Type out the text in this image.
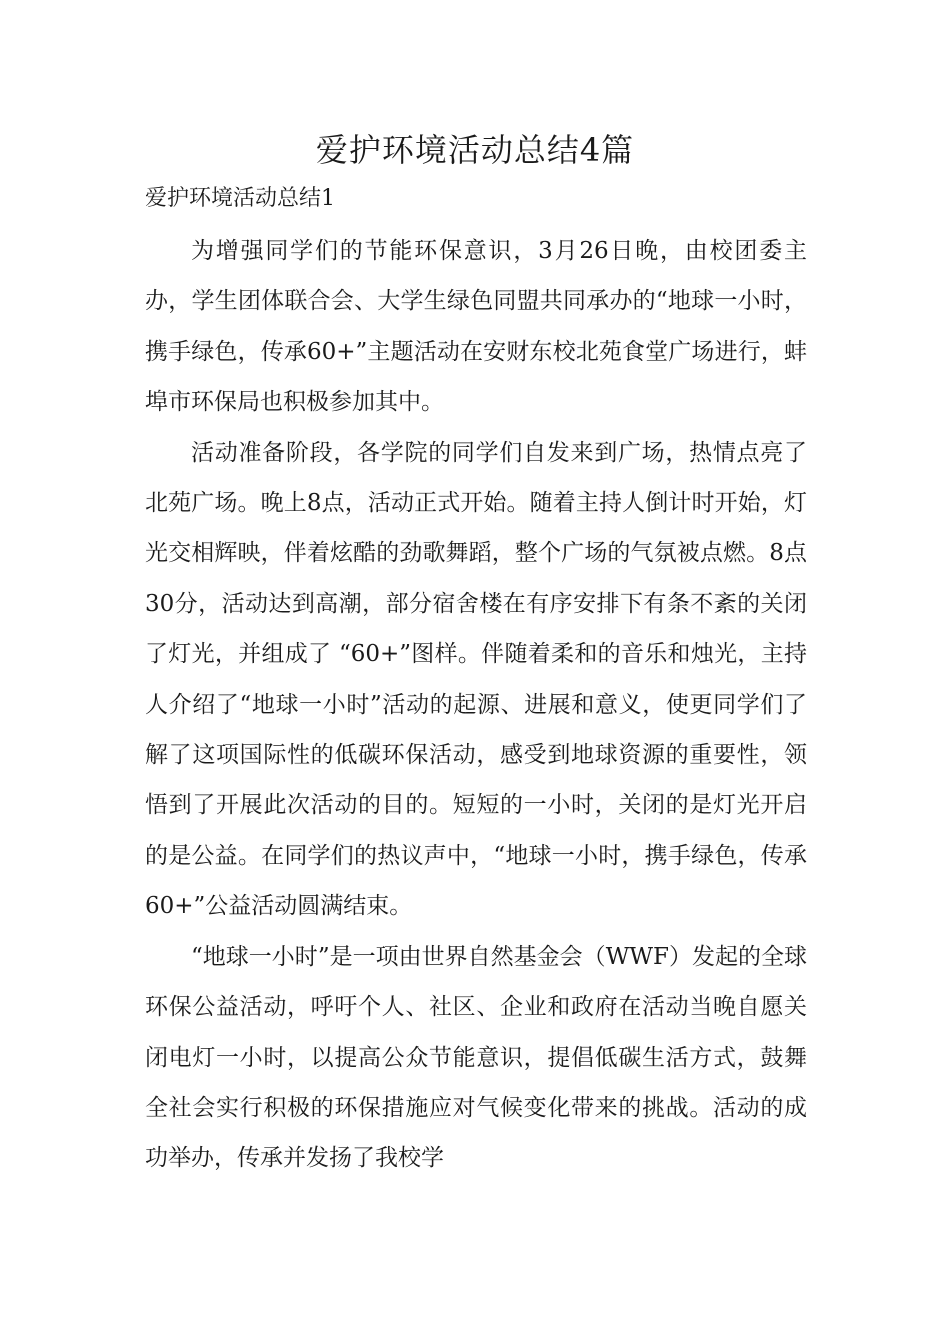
爱护环境活动总结4篇
爱护环境活动总结1

为增强同学们的节能环保意识，3月26日晚，由校团委主办，学生团体联合会、大学生绿色同盟共同承办的“地球一小时，携手绿色，传承60+”主题活动在安财东校北苑食堂广场进行，蚌埠市环保局也积极参加其中。

活动准备阶段，各学院的同学们自发来到广场，热情点亮了北苑广场。晚上8点，活动正式开始。随着主持人倒计时开始，灯光交相辉映，伴着炫酷的劲歌舞蹈，整个广场的气氛被点燃。8点30分，活动达到高潮，部分宿舍楼在有序安排下有条不紊的关闭了灯光，并组成了 “60+”图样。伴随着柔和的音乐和烛光，主持人介绍了“地球一小时”活动的起源、进展和意义，使更同学们了解了这项国际性的低碳环保活动，感受到地球资源的重要性，领悟到了开展此次活动的目的。短短的一小时，关闭的是灯光开启的是公益。在同学们的热议声中，“地球一小时，携手绿色，传承60+”公益活动圆满结束。

“地球一小时”是一项由世界自然基金会（WWF）发起的全球环保公益活动，呼吁个人、社区、企业和政府在活动当晚自愿关闭电灯一小时，以提高公众节能意识，提倡低碳生活方式，鼓舞全社会实行积极的环保措施应对气候变化带来的挑战。活动的成功举办，传承并发扬了我校学
